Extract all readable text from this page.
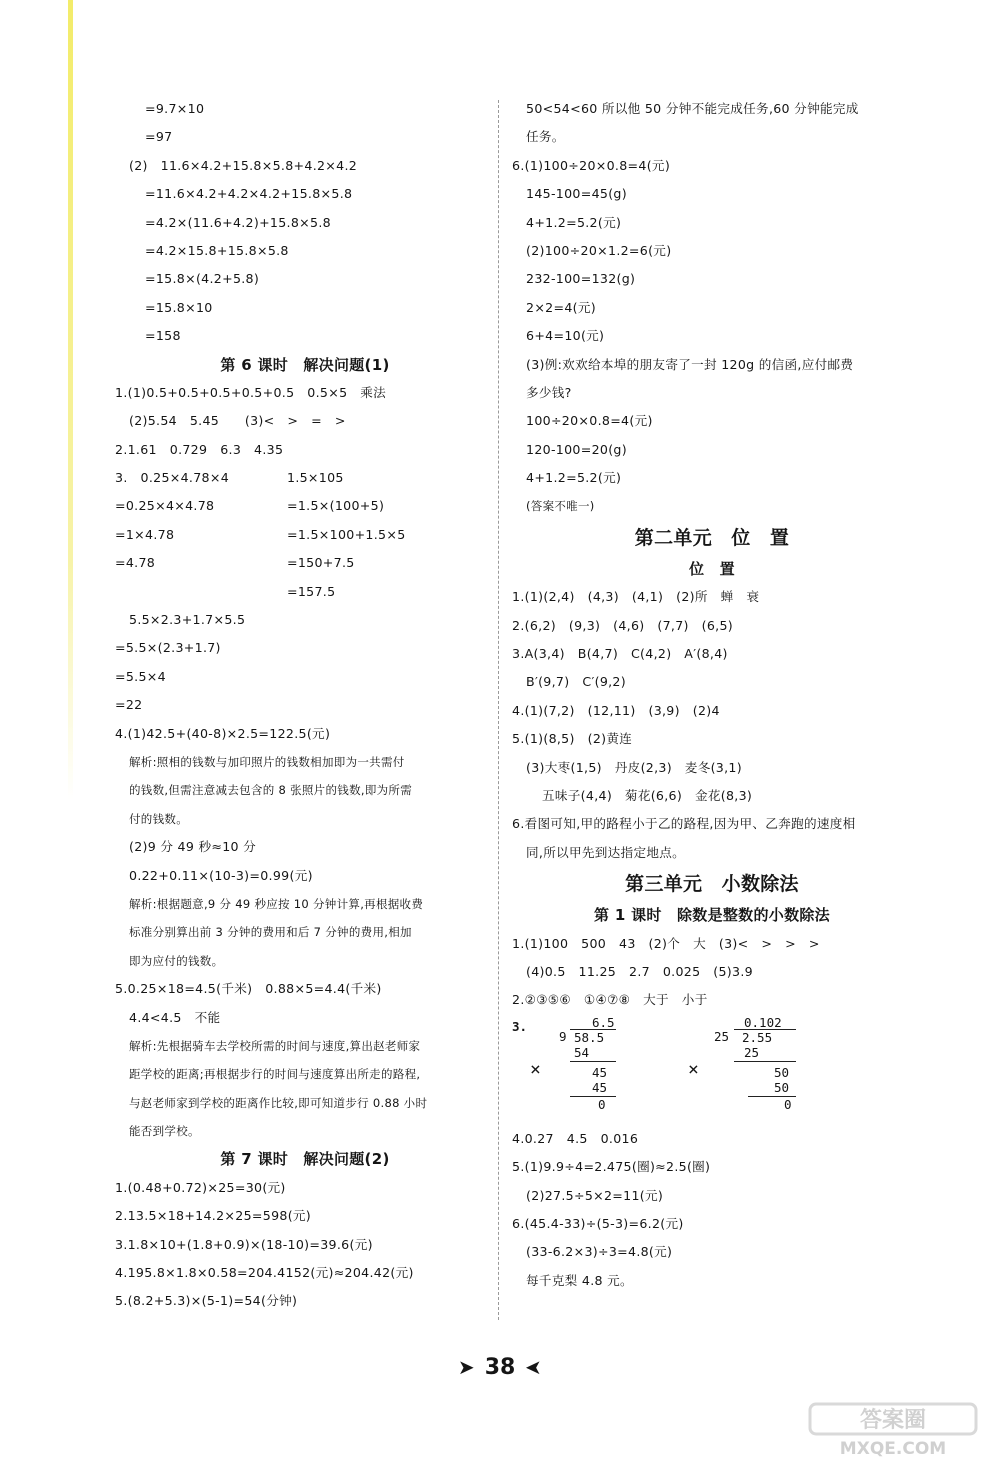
=9.7×10
=97
(2)　11.6×4.2+15.8×5.8+4.2×4.2
=11.6×4.2+4.2×4.2+15.8×5.8
=4.2×(11.6+4.2)+15.8×5.8
=4.2×15.8+15.8×5.8
=15.8×(4.2+5.8)
=15.8×10
=158
第 6 课时　解决问题(1)
1.(1)0.5+0.5+0.5+0.5+0.5　0.5×5　乘法
(2)5.54　5.45　　(3)<　>　=　>
2.1.61　0.729　6.3　4.35
3.　0.25×4.78×4	1.5×105
=0.25×4×4.78	=1.5×(100+5)
=1×4.78	=1.5×100+1.5×5
=4.78	=150+7.5
=157.5
5.5×2.3+1.7×5.5
=5.5×(2.3+1.7)
=5.5×4
=22
4.(1)42.5+(40-8)×2.5=122.5(元)
解析:照相的钱数与加印照片的钱数相加即为一共需付
的钱数,但需注意减去包含的 8 张照片的钱数,即为所需
付的钱数。
(2)9 分 49 秒≈10 分
0.22+0.11×(10-3)=0.99(元)
解析:根据题意,9 分 49 秒应按 10 分钟计算,再根据收费
标准分别算出前 3 分钟的费用和后 7 分钟的费用,相加
即为应付的钱数。
5.0.25×18=4.5(千米)　0.88×5=4.4(千米)
4.4<4.5　不能
解析:先根据骑车去学校所需的时间与速度,算出赵老师家
距学校的距离;再根据步行的时间与速度算出所走的路程,
与赵老师家到学校的距离作比较,即可知道步行 0.88 小时
能否到学校。
第 7 课时　解决问题(2)
1.(0.48+0.72)×25=30(元)
2.13.5×18+14.2×25=598(元)
3.1.8×10+(1.8+0.9)×(18-10)=39.6(元)
4.195.8×1.8×0.58=204.4152(元)≈204.42(元)
5.(8.2+5.3)×(5-1)=54(分钟)
50<54<60 所以他 50 分钟不能完成任务,60 分钟能完成
任务。
6.(1)100÷20×0.8=4(元)
145-100=45(g)
4+1.2=5.2(元)
(2)100÷20×1.2=6(元)
232-100=132(g)
2×2=4(元)
6+4=10(元)
(3)例:欢欢给本埠的朋友寄了一封 120g 的信函,应付邮费
多少钱?
100÷20×0.8=4(元)
120-100=20(g)
4+1.2=5.2(元)
(答案不唯一)
第二单元　位　置
位　置
1.(1)(2,4)　(4,3)　(4,1)　(2)所　蝉　衰
2.(6,2)　(9,3)　(4,6)　(7,7)　(6,5)
3.A(3,4)　B(4,7)　C(4,2)　A′(8,4)
B′(9,7)　C′(9,2)
4.(1)(7,2)　(12,11)　(3,9)　(2)4
5.(1)(8,5)　(2)黄连
(3)大枣(1,5)　丹皮(2,3)　麦冬(3,1)
五味子(4,4)　菊花(6,6)　金花(8,3)
6.看图可知,甲的路程小于乙的路程,因为甲、乙奔跑的速度相
同,所以甲先到达指定地点。
第三单元　小数除法
第 1 课时　除数是整数的小数除法
1.(1)100　500　43　(2)个　大　(3)<　>　>　>
(4)0.5　11.25　2.7　0.025　(5)3.9
2.②③⑤⑥　①④⑦⑧　大于　小于
3.
×
6.5
9 58.5
54
45
45
0
×
0.102
25 2.55
25
50
50
0
4.0.27　4.5　0.016
5.(1)9.9÷4=2.475(圈)≈2.5(圈)
(2)27.5÷5×2=11(元)
6.(45.4-33)÷(5-3)=6.2(元)
(33-6.2×3)÷3=4.8(元)
每千克梨 4.8 元。
➤ 38 ➤
答案圈
MXQE.COM
